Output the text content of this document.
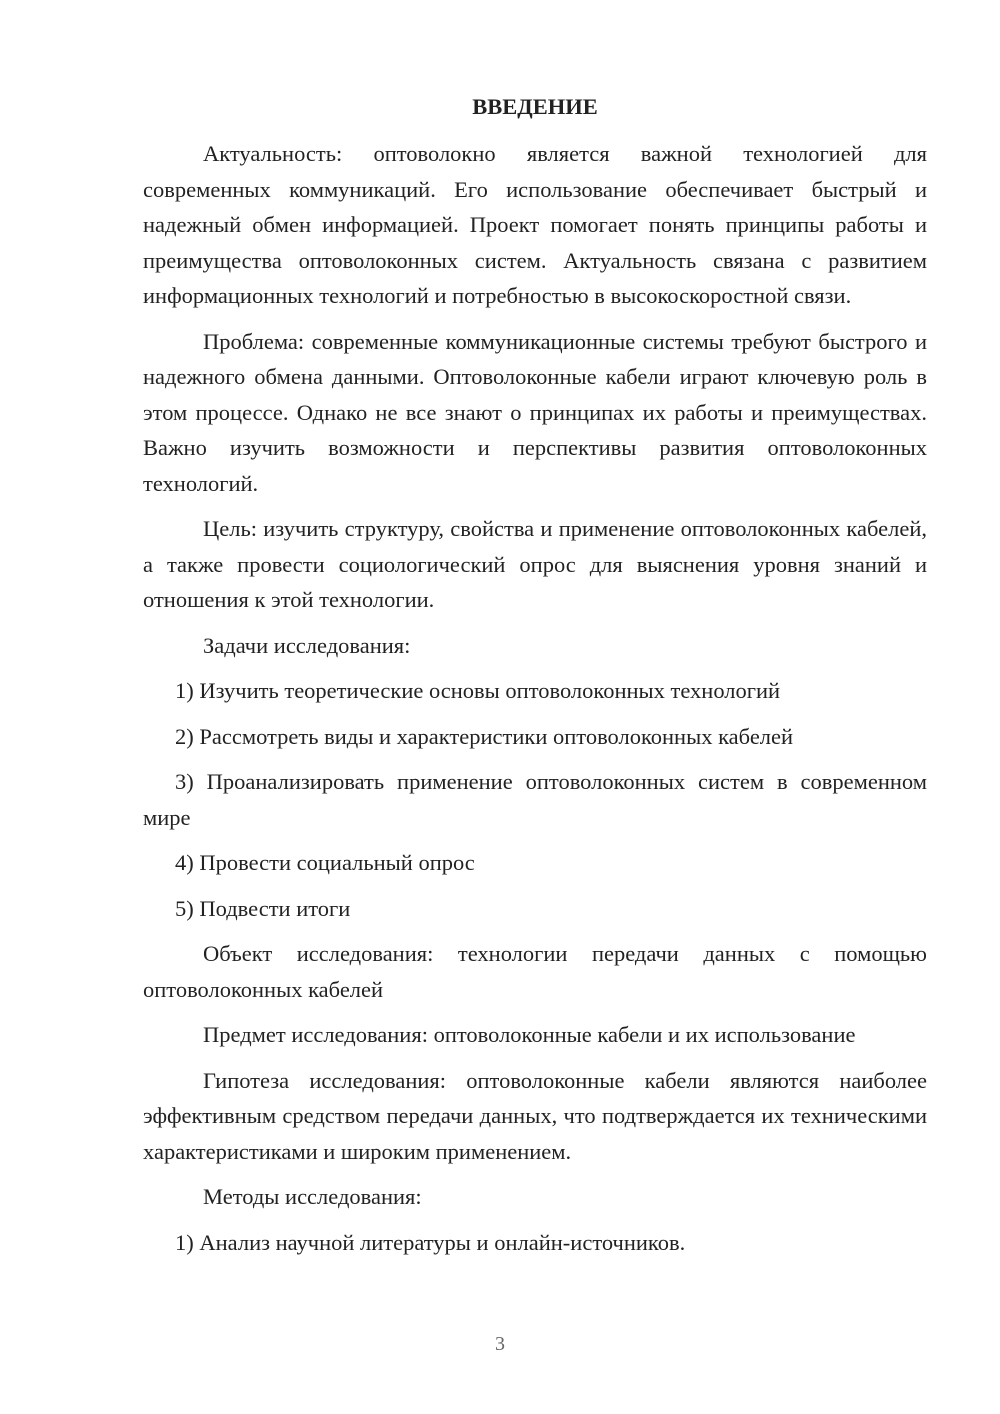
ВВЕДЕНИЕ

Актуальность: оптоволокно является важной технологией для современных коммуникаций. Его использование обеспечивает быстрый и надежный обмен информацией. Проект помогает понять принципы работы и преимущества оптоволоконных систем. Актуальность связана с развитием информационных технологий и потребностью в высокоскоростной связи.

Проблема: современные коммуникационные системы требуют быстрого и надежного обмена данными. Оптоволоконные кабели играют ключевую роль в этом процессе. Однако не все знают о принципах их работы и преимуществах. Важно изучить возможности и перспективы развития оптоволоконных технологий.

Цель: изучить структуру, свойства и применение оптоволоконных кабелей, а также провести социологический опрос для выяснения уровня знаний и отношения к этой технологии.

Задачи исследования:

1) Изучить теоретические основы оптоволоконных технологий

2) Рассмотреть виды и характеристики оптоволоконных кабелей

3) Проанализировать применение оптоволоконных систем в современном мире

4) Провести социальный опрос

5) Подвести итоги

Объект исследования: технологии передачи данных с помощью оптоволоконных кабелей

Предмет исследования: оптоволоконные кабели и их использование

Гипотеза исследования: оптоволоконные кабели являются наиболее эффективным средством передачи данных, что подтверждается их техническими характеристиками и широким применением.

Методы исследования:

1) Анализ научной литературы и онлайн-источников.

3
